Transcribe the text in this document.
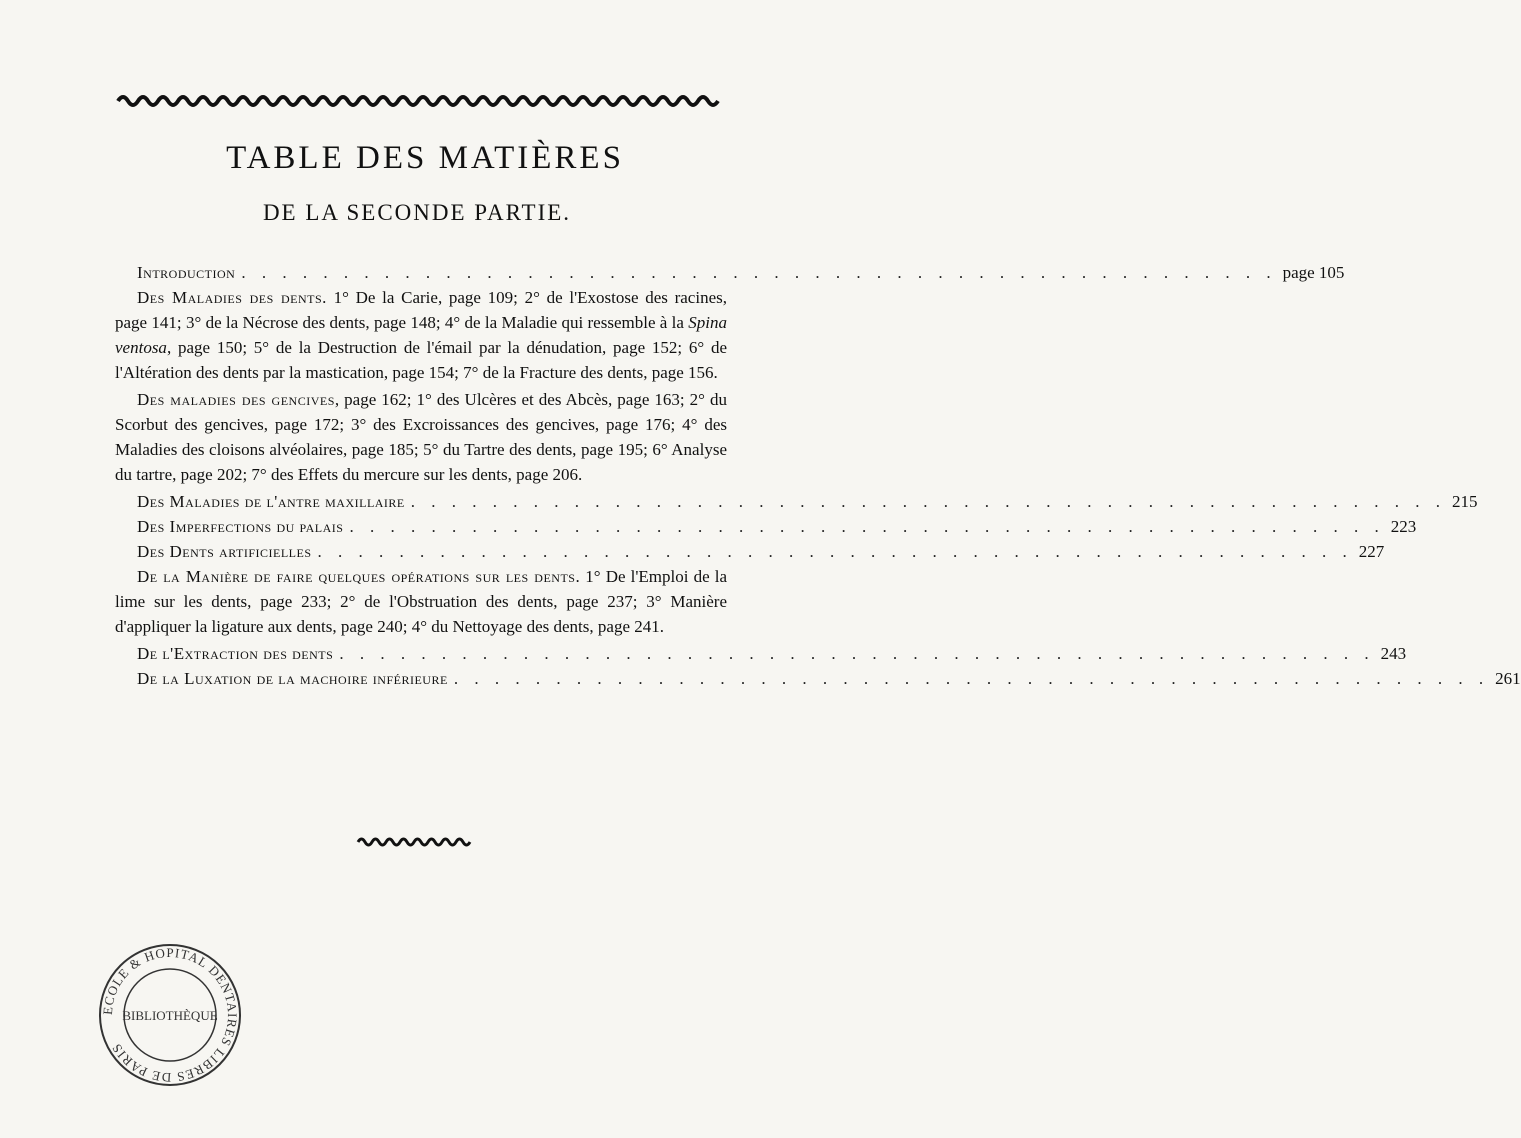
TABLE DES MATIÈRES
DE LA SECONDE PARTIE.
Introduction . . . . . . . . . . . . . . . . . . . . . . . . . . . . . . . . . . . . . . . . . . . . . . . . . . . page 105

Des Maladies des dents. 1° De la Carie, page 109; 2° de l'Exostose des racines, page 141; 3° de la Nécrose des dents, page 148; 4° de la Maladie qui ressemble à la Spina ventosa, page 150; 5° de la Destruction de l'émail par la dénudation, page 152; 6° de l'Altération des dents par la mastication, page 154; 7° de la Fracture des dents, page 156.

Des maladies des gencives, page 162; 1° des Ulcères et des Abcès, page 163; 2° du Scorbut des gencives, page 172; 3° des Excroissances des gencives, page 176; 4° des Maladies des cloisons alvéolaires, page 185; 5° du Tartre des dents, page 195; 6° Analyse du tartre, page 202; 7° des Effets du mercure sur les dents, page 206.

Des Maladies de l'antre maxillaire . . . . . . . . . . . . . . . . . . . . . . . . . . . . . . . . . . . . . . . . . . . . . . . . . . . 215
Des Imperfections du palais . . . . . . . . . . . . . . . . . . . . . . . . . . . . . . . . . . . . . . . . . . . . . . . . . . . 223
Des Dents artificielles . . . . . . . . . . . . . . . . . . . . . . . . . . . . . . . . . . . . . . . . . . . . . . . . . . . 227

De la Manière de faire quelques opérations sur les dents. 1° De l'Emploi de la lime sur les dents, page 233; 2° de l'Obstruation des dents, page 237; 3° Manière d'appliquer la ligature aux dents, page 240; 4° du Nettoyage des dents, page 241.

De l'Extraction des dents . . . . . . . . . . . . . . . . . . . . . . . . . . . . . . . . . . . . . . . . . . . . . . . . . . . 243
De la Luxation de la machoire inférieure . . . . . . . . . . . . . . . . . . . . . . . . . . . . . . . . . . . . . . . . . . . . . . . . . . . 261
ECOLE & HOPITAL DENTAIRES LIBRES DE PARIS
BIBLIOTHÈQUE
